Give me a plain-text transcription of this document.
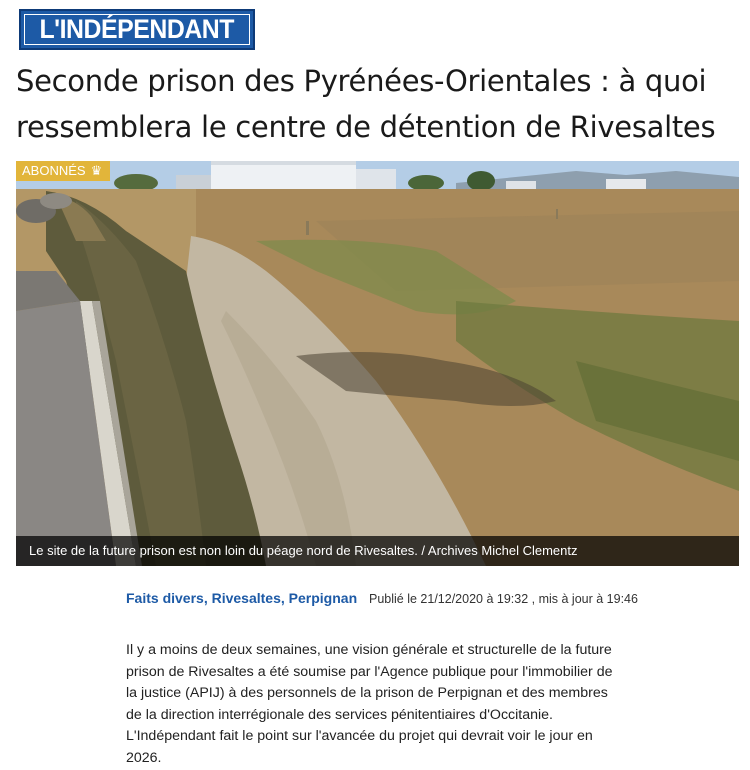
L'INDÉPENDANT
Seconde prison des Pyrénées-Orientales : à quoi ressemblera le centre de détention de Rivesaltes
ABONNÉS ♛
Le site de la future prison est non loin du péage nord de Rivesaltes. / Archives Michel Clementz
Faits divers, Rivesaltes, Perpignan Publié le 21/12/2020 à 19:32 , mis à jour à 19:46

Il y a moins de deux semaines, une vision générale et structurelle de la future prison de Rivesaltes a été soumise par l'Agence publique pour l'immobilier de la justice (APIJ) à des personnels de la prison de Perpignan et des membres de la direction interrégionale des services pénitentiaires d'Occitanie. L'Indépendant fait le point sur l'avancée du projet qui devrait voir le jour en 2026.
